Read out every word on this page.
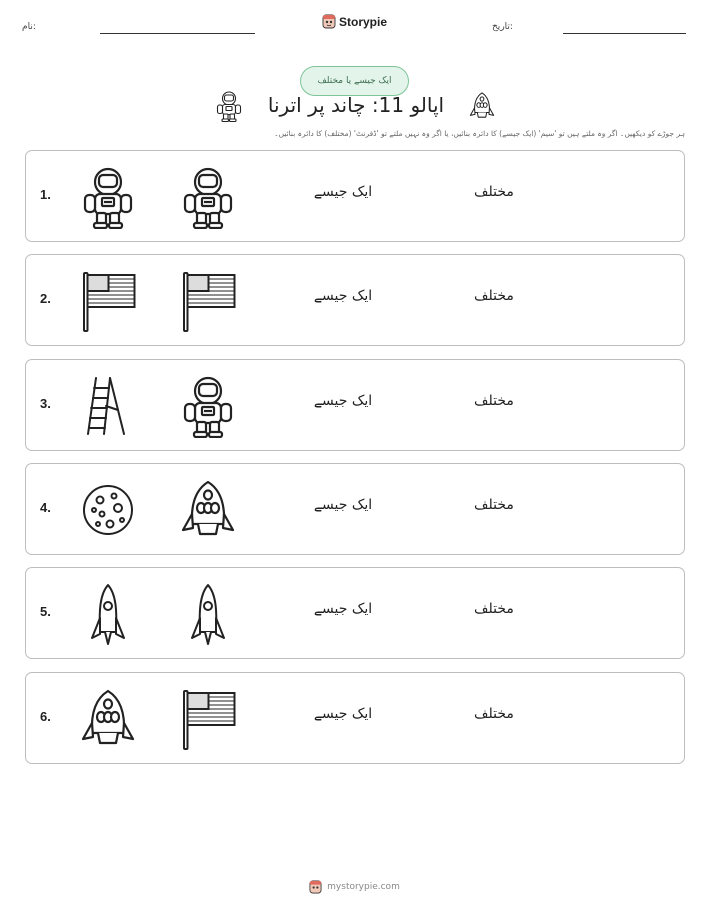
نام:	تاریخ:
Storypie
ایک جیسے یا مختلف
اپالو 11: چاند پر اترنا
ہر جوڑے کو دیکھیں۔ اگر وہ ملتے ہیں تو 'سیم' (ایک جیسے) کا دائرہ بنائیں، یا اگر وہ نہیں ملتے تو 'ڈفرنٹ' (مختلف) کا دائرہ بنائیں۔
1.	ایک جیسے	مختلف
2.	ایک جیسے	مختلف
3.	ایک جیسے	مختلف
4.	ایک جیسے	مختلف
5.	ایک جیسے	مختلف
6.	ایک جیسے	مختلف
mystorypie.com
